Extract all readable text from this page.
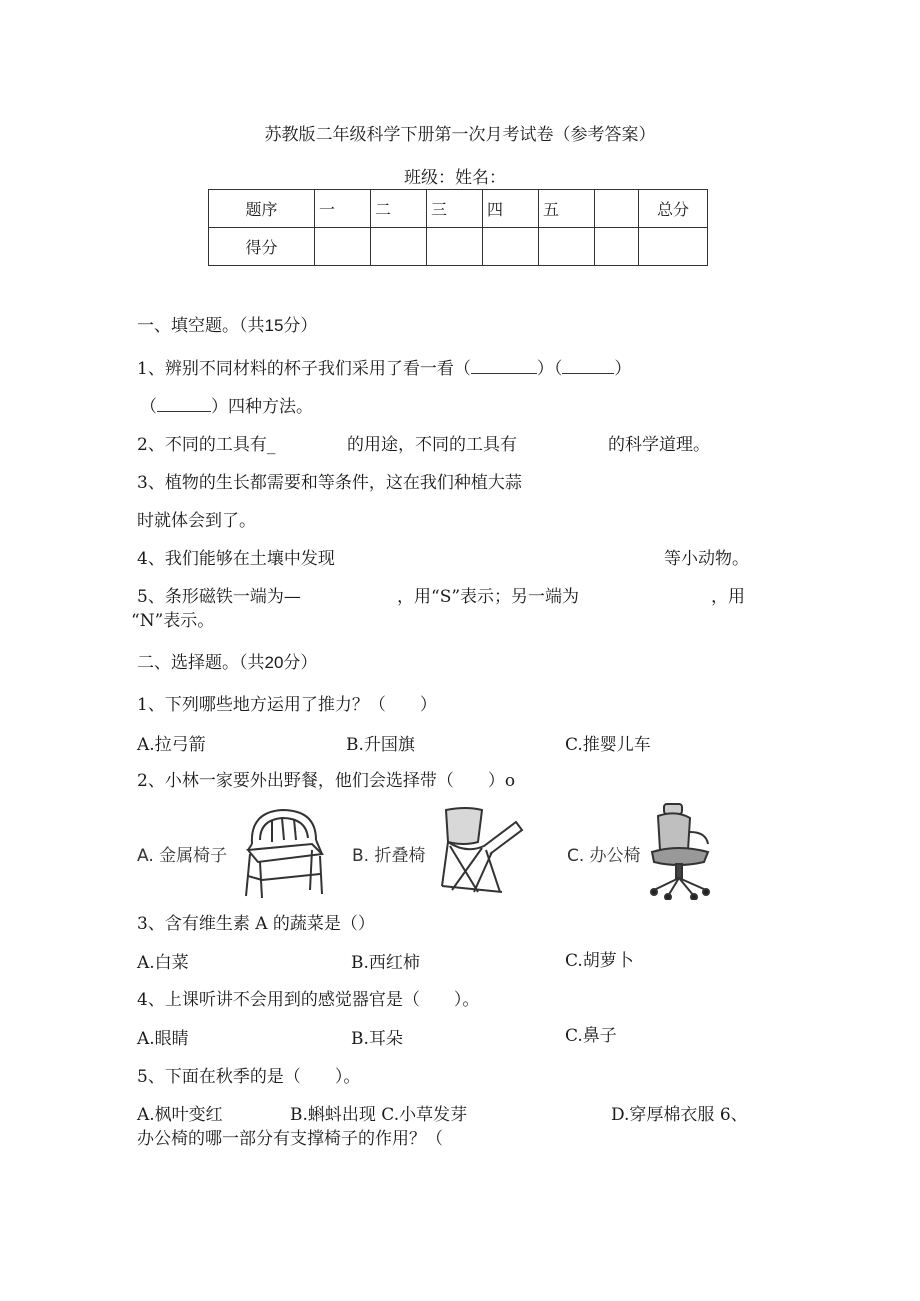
苏教版二年级科学下册第一次月考试卷（参考答案）
班级：姓名：
题序	一	二	三	四	五		总分
得分							
一、填空题。（共15分）
1、辨别不同材料的杯子我们采用了看一看（	）（	）
（	）四种方法。
2、不同的工具有_	的用途，不同的工具有	的科学道理。
3、植物的生长都需要和等条件，这在我们种植大蒜
时就体会到了。
4、我们能够在土壤中发现	等小动物。
5、条形磁铁一端为—	，用“S”表示；另一端为	，用
“N”表示。
二、选择题。（共20分）
1、下列哪些地方运用了推力？（　　）
A.拉弓箭	B.升国旗	C.推婴儿车
2、小林一家要外出野餐，他们会选择带（　　）o
A. 金属椅子	B. 折叠椅	C. 办公椅
3、含有维生素 A 的蔬菜是（）
A.白菜	B.西红柿	C.胡萝卜
4、上课听讲不会用到的感觉器官是（　　）。
A.眼睛	B.耳朵	C.鼻子
5、下面在秋季的是（　　）。
A.枫叶变红	B.蝌蚪出现 C.小草发芽	D.穿厚棉衣服 6、
办公椅的哪一部分有支撑椅子的作用？（
